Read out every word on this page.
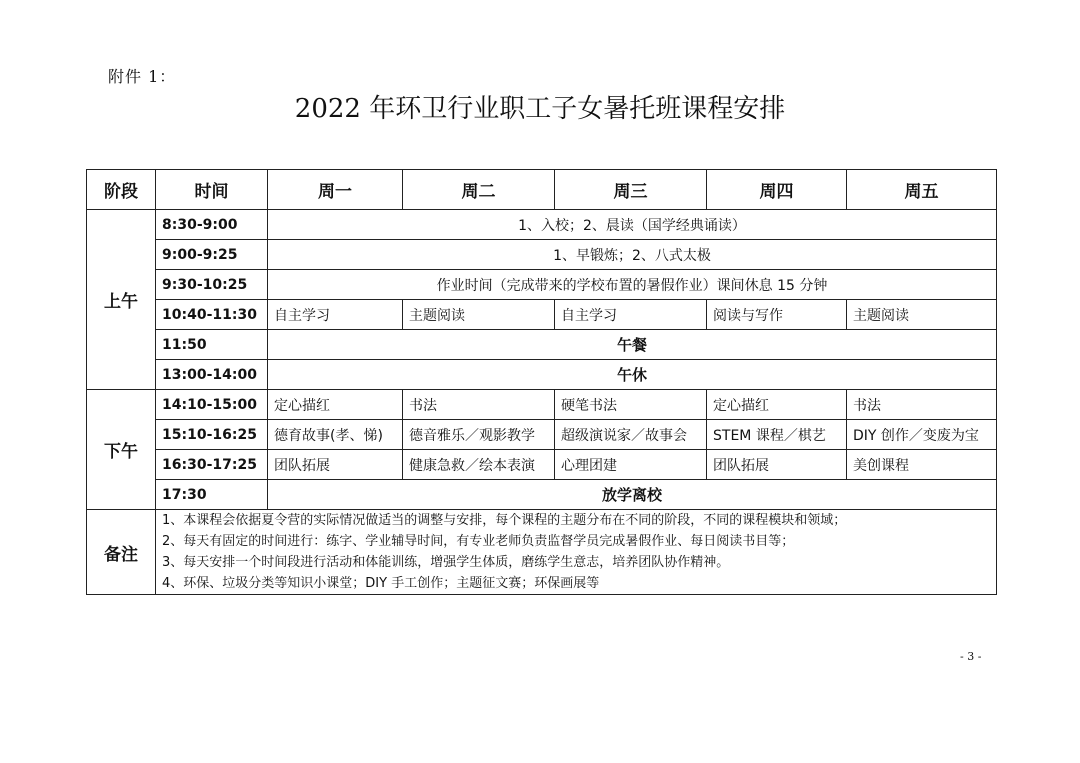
附件 1：
2022 年环卫行业职工子女暑托班课程安排
阶段	时间	周一	周二	周三	周四	周五
上午	8:30-9:00	1、入校；2、晨读（国学经典诵读）				
	9:00-9:25	1、早锻炼；2、八式太极				
	9:30-10:25	作业时间（完成带来的学校布置的暑假作业）课间休息 15 分钟				
	10:40-11:30	自主学习	主题阅读	自主学习	阅读与写作	主题阅读
	11:50	午餐				
	13:00-14:00	午休				
下午	14:10-15:00	定心描红	书法	硬笔书法	定心描红	书法
	15:10-16:25	德育故事(孝、悌)	德音雅乐／观影教学	超级演说家／故事会	STEM 课程／棋艺	DIY 创作／变废为宝
	16:30-17:25	团队拓展	健康急救／绘本表演	心理团建	团队拓展	美创课程
	17:30	放学离校				
备注	1、本课程会依据夏令营的实际情况做适当的调整与安排，每个课程的主题分布在不同的阶段，不同的课程模块和领域；
2、每天有固定的时间进行：练字、学业辅导时间，有专业老师负责监督学员完成暑假作业、每日阅读书目等；
3、每天安排一个时间段进行活动和体能训练，增强学生体质，磨练学生意志，培养团队协作精神。
4、环保、垃圾分类等知识小课堂；DIY 手工创作；主题征文赛；环保画展等					
- 3 -
